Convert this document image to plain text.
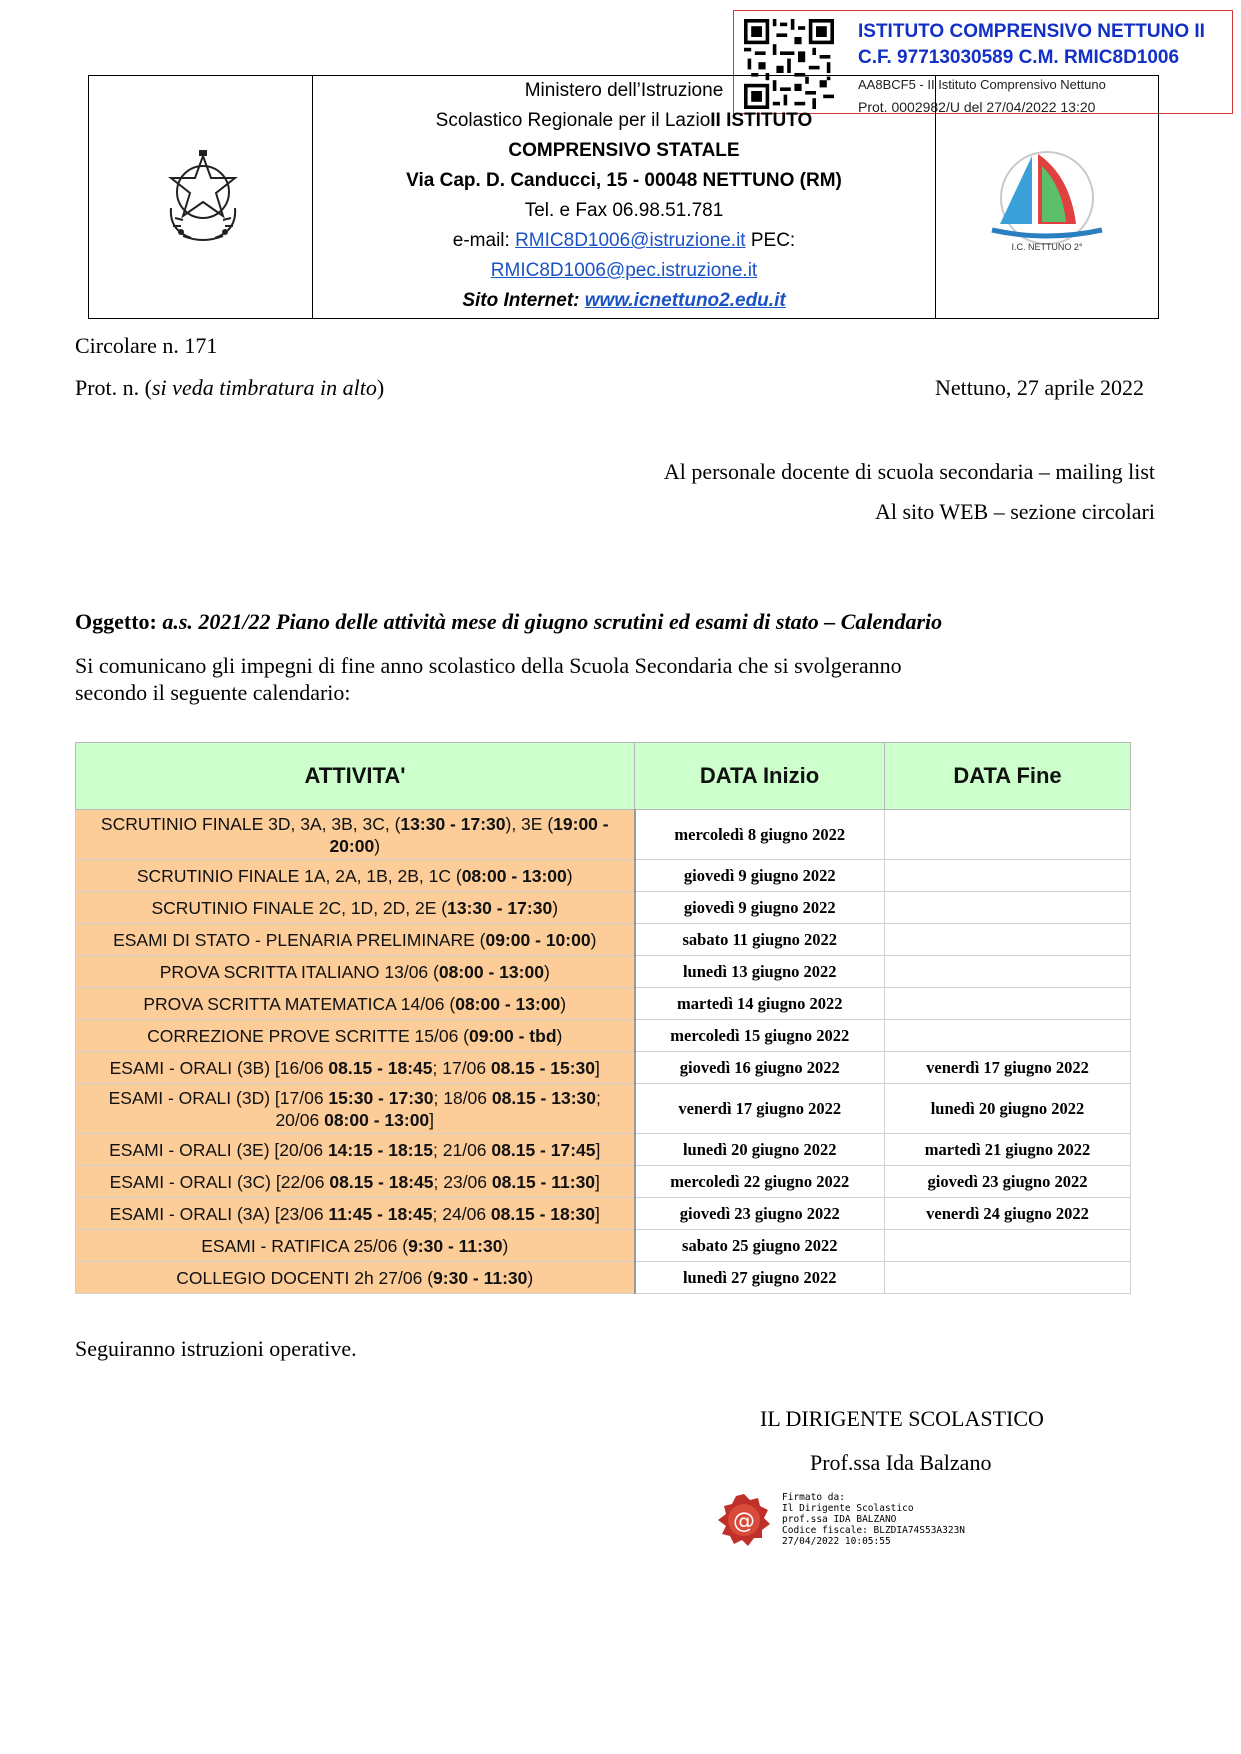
ISTITUTO COMPRENSIVO NETTUNO II
C.F. 97713030589 C.M. RMIC8D1006
AA8BCF5 - II Istituto Comprensivo Nettuno
Prot. 0002982/U del 27/04/2022 13:20
Ministero dell’Istruzione
Scolastico Regionale per il LazioII ISTITUTO
COMPRENSIVO STATALE
Via Cap. D. Canducci, 15 - 00048 NETTUNO (RM)
Tel. e Fax 06.98.51.781
e-mail: RMIC8D1006@istruzione.it PEC:
RMIC8D1006@pec.istruzione.it
Sito Internet: www.icnettuno2.edu.it
I.C. NETTUNO 2°
Circolare n. 171
Prot. n. (si veda timbratura in alto)	Nettuno, 27 aprile 2022
Al personale docente di scuola secondaria – mailing list
Al sito WEB – sezione circolari
Oggetto: a.s. 2021/22 Piano delle attività mese di giugno scrutini ed esami di stato – Calendario
Si comunicano gli impegni di fine anno scolastico della Scuola Secondaria che si svolgeranno
secondo il seguente calendario:
ATTIVITA'	DATA Inizio	DATA Fine
SCRUTINIO FINALE 3D, 3A, 3B, 3C, (13:30 - 17:30), 3E (19:00 -
20:00)	mercoledì 8 giugno 2022	
SCRUTINIO FINALE 1A, 2A, 1B, 2B, 1C (08:00 - 13:00)	giovedì 9 giugno 2022	
SCRUTINIO FINALE 2C, 1D, 2D, 2E (13:30 - 17:30)	giovedì 9 giugno 2022	
ESAMI DI STATO - PLENARIA PRELIMINARE (09:00 - 10:00)	sabato 11 giugno 2022	
PROVA SCRITTA ITALIANO 13/06 (08:00 - 13:00)	lunedì 13 giugno 2022	
PROVA SCRITTA MATEMATICA 14/06 (08:00 - 13:00)	martedì 14 giugno 2022	
CORREZIONE PROVE SCRITTE 15/06 (09:00 - tbd)	mercoledì 15 giugno 2022	
ESAMI - ORALI (3B) [16/06 08.15 - 18:45; 17/06 08.15 - 15:30]	giovedì 16 giugno 2022	venerdì 17 giugno 2022
ESAMI - ORALI (3D) [17/06 15:30 - 17:30; 18/06 08.15 - 13:30;
20/06 08:00 - 13:00]	venerdì 17 giugno 2022	lunedì 20 giugno 2022
ESAMI - ORALI (3E) [20/06 14:15 - 18:15; 21/06 08.15 - 17:45]	lunedì 20 giugno 2022	martedì 21 giugno 2022
ESAMI - ORALI (3C) [22/06 08.15 - 18:45; 23/06 08.15 - 11:30]	mercoledì 22 giugno 2022	giovedì 23 giugno 2022
ESAMI - ORALI (3A) [23/06 11:45 - 18:45; 24/06 08.15 - 18:30]	giovedì 23 giugno 2022	venerdì 24 giugno 2022
ESAMI - RATIFICA 25/06 (9:30 - 11:30)	sabato 25 giugno 2022	
COLLEGIO DOCENTI 2h 27/06 (9:30 - 11:30)	lunedì 27 giugno 2022	
Seguiranno istruzioni operative.
IL DIRIGENTE SCOLASTICO
Prof.ssa Ida Balzano
@
Firmato da:
Il Dirigente Scolastico
prof.ssa IDA BALZANO
Codice fiscale: BLZDIA74S53A323N
27/04/2022 10:05:55
